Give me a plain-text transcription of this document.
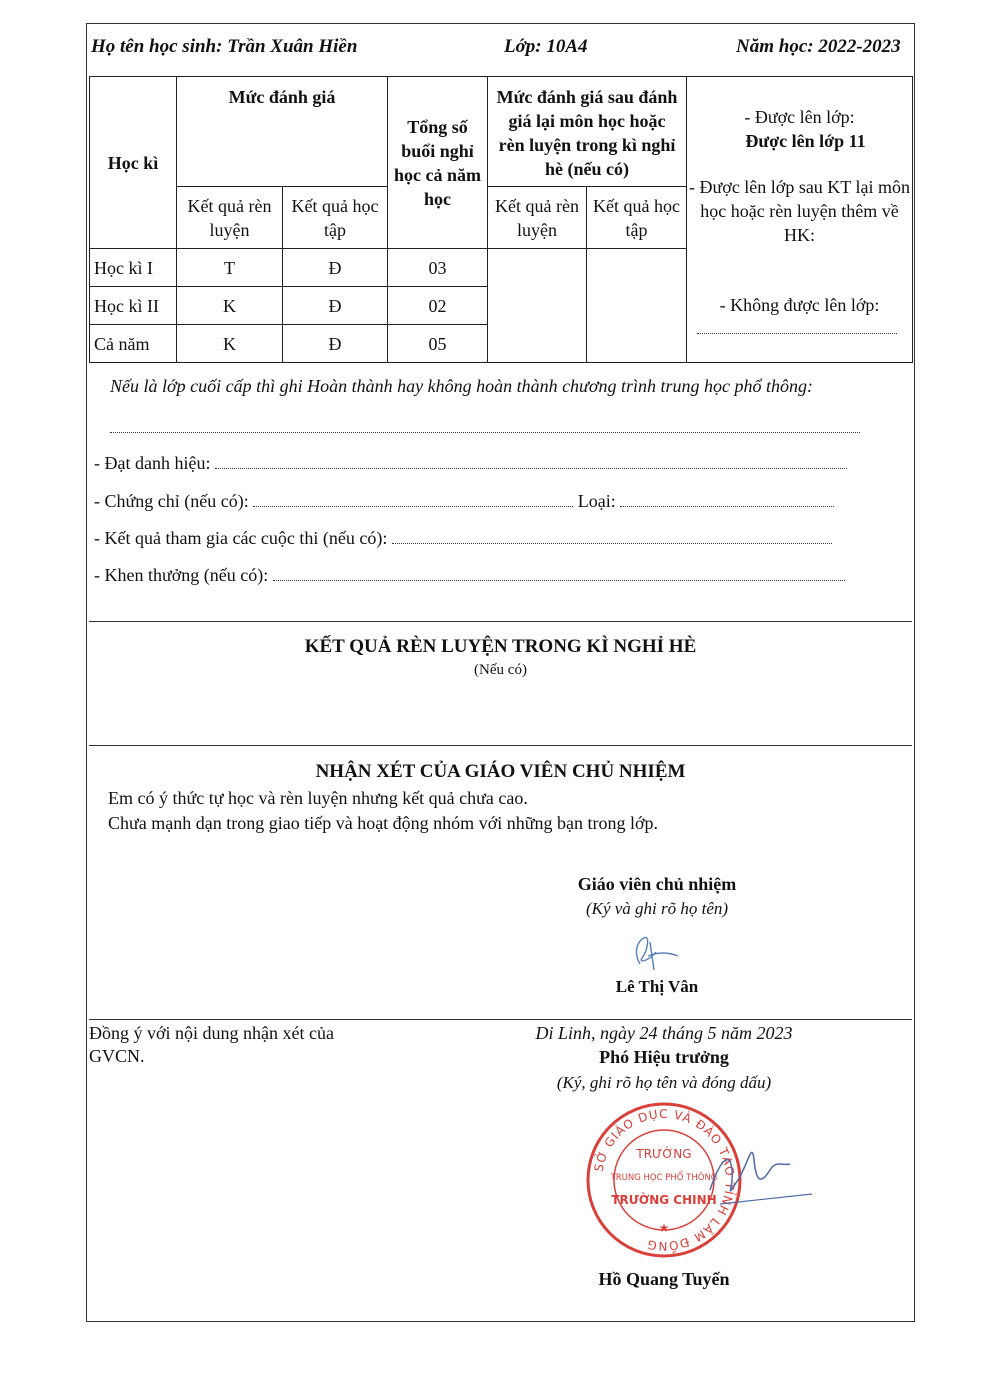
Họ tên học sinh: Trần Xuân Hiền	Lớp: 10A4	Năm học: 2022-2023
Học kì	Mức đánh giá		Tổng số buổi nghỉ học cả năm học	Mức đánh giá sau đánh giá lại môn học hoặc rèn luyện trong kì nghỉ hè (nếu có)		- Được lên lớp:
Được lên lớp 11
- Được lên lớp sau KT lại môn học hoặc rèn luyện thêm về HK:
- Không được lên lớp:

	Kết quả rèn luyện	Kết quả học tập		Kết quả rèn luyện	Kết quả học tập	
Học kì I	T	Đ	03			
Học kì II	K	Đ	02			
Cả năm	K	Đ	05			
Nếu là lớp cuối cấp thì ghi Hoàn thành hay không hoàn thành chương trình trung học phổ thông:
- Đạt danh hiệu:
- Chứng chỉ (nếu có):	Loại:
- Kết quả tham gia các cuộc thi (nếu có):
- Khen thưởng (nếu có):
KẾT QUẢ RÈN LUYỆN TRONG KÌ NGHỈ HÈ
(Nếu có)
NHẬN XÉT CỦA GIÁO VIÊN CHỦ NHIỆM
Em có ý thức tự học và rèn luyện nhưng kết quả chưa cao.
Chưa mạnh dạn trong giao tiếp và hoạt động nhóm với những bạn trong lớp.
Giáo viên chủ nhiệm
(Ký và ghi rõ họ tên)
Lê Thị Vân
Đồng ý với nội dung nhận xét của GVCN.
Di Linh, ngày 24 tháng 5 năm 2023
Phó Hiệu trưởng
(Ký, ghi rõ họ tên và đóng dấu)
SỞ GIÁO DỤC VÀ ĐÀO TẠO TỈNH LÂM ĐỒNG
TRƯỜNG
TRUNG HỌC PHỔ THÔNG
TRƯỜNG CHINH
★
Hồ Quang Tuyến
